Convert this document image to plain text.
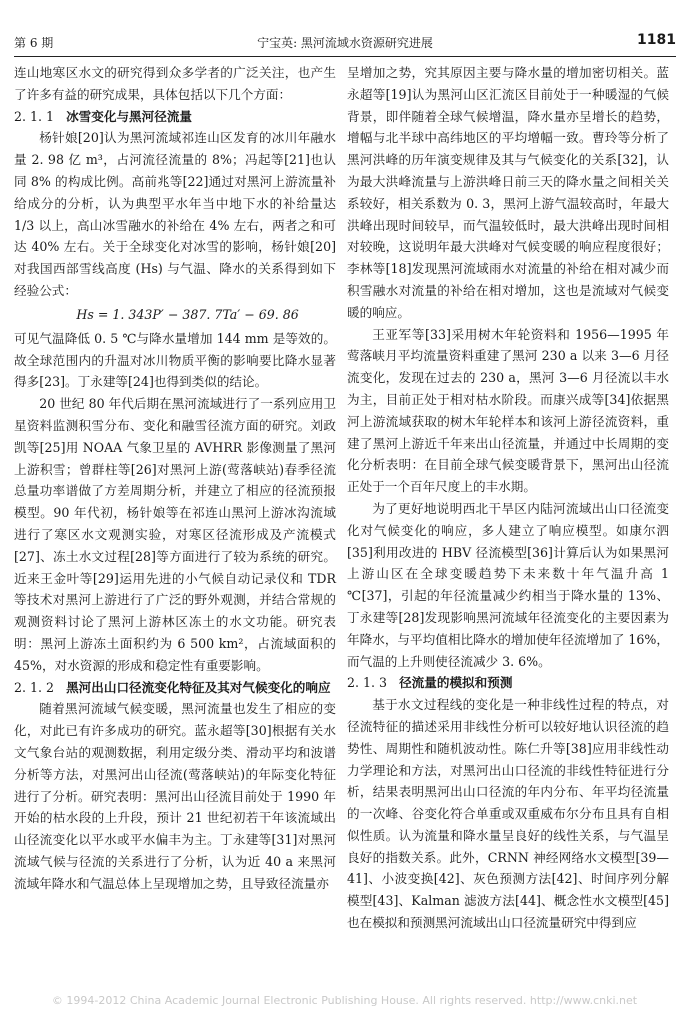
第 6 期	宁宝英: 黑河流域水资源研究进展	1181

连山地寒区水文的研究得到众多学者的广泛关注，也产生了许多有益的研究成果，具体包括以下几个方面：

2. 1. 1 冰雪变化与黑河径流量

杨针娘[20]认为黑河流域祁连山区发育的冰川年融水量 2. 98 亿 m³，占河流径流量的 8%；冯起等[21]也认同 8% 的构成比例。高前兆等[22]通过对黑河上游流量补给成分的分析，认为典型平水年当中地下水的补给量达 1/3 以上，高山冰雪融水的补给在 4% 左右，两者之和可达 40% 左右。关于全球变化对冰雪的影响，杨针娘[20]对我国西部雪线高度 (Hs) 与气温、降水的关系得到如下经验公式：

Hs = 1. 343P′ − 387. 7Ta′ − 69. 86

可见气温降低 0. 5 ℃与降水量增加 144 mm 是等效的。故全球范围内的升温对冰川物质平衡的影响要比降水显著得多[23]。丁永建等[24]也得到类似的结论。

20 世纪 80 年代后期在黑河流域进行了一系列应用卫星资料监测积雪分布、变化和融雪径流方面的研究。刘政凯等[25]用 NOAA 气象卫星的 AVHRR 影像测量了黑河上游积雪；曾群柱等[26]对黑河上游(莺落峡站)春季径流总量功率谱做了方差周期分析，并建立了相应的径流预报模型。90 年代初，杨针娘等在祁连山黑河上游冰沟流域进行了寒区水文观测实验，对寒区径流形成及产流模式[27]、冻土水文过程[28]等方面进行了较为系统的研究。近来王金叶等[29]运用先进的小气候自动记录仪和 TDR 等技术对黑河上游进行了广泛的野外观测，并结合常规的观测资料讨论了黑河上游林区冻土的水文功能。研究表明：黑河上游冻土面积约为 6 500 km²，占流域面积的 45%，对水资源的形成和稳定性有重要影响。

2. 1. 2 黑河出山口径流变化特征及其对气候变化的响应

随着黑河流域气候变暖，黑河流量也发生了相应的变化，对此已有许多成功的研究。蓝永超等[30]根据有关水文气象台站的观测数据，利用定级分类、滑动平均和波谱分析等方法，对黑河出山径流(莺落峡站)的年际变化特征进行了分析。研究表明：黑河出山径流目前处于 1990 年开始的枯水段的上升段，预计 21 世纪初若干年该流域出山径流变化以平水或平水偏丰为主。丁永建等[31]对黑河流域气候与径流的关系进行了分析，认为近 40 a 来黑河流域年降水和气温总体上呈现增加之势，且导致径流量亦

呈增加之势，究其原因主要与降水量的增加密切相关。蓝永超等[19]认为黑河山区汇流区目前处于一种暖湿的气候背景，即伴随着全球气候增温，降水量亦呈增长的趋势，增幅与北半球中高纬地区的平均增幅一致。曹玲等分析了黑河洪峰的历年演变规律及其与气候变化的关系[32]，认为最大洪峰流量与上游洪峰日前三天的降水量之间相关关系较好，相关系数为 0. 3，黑河上游气温较高时，年最大洪峰出现时间较早，而气温较低时，最大洪峰出现时间相对较晚，这说明年最大洪峰对气候变暖的响应程度很好；李林等[18]发现黑河流域雨水对流量的补给在相对减少而积雪融水对流量的补给在相对增加，这也是流域对气候变暖的响应。

王亚军等[33]采用树木年轮资料和 1956—1995 年莺落峡月平均流量资料重建了黑河 230 a 以来 3—6 月径流变化，发现在过去的 230 a，黑河 3—6 月径流以丰水为主，目前正处于相对枯水阶段。而康兴成等[34]依据黑河上游流域获取的树木年轮样本和该河上游径流资料，重建了黑河上游近千年来出山径流量，并通过中长周期的变化分析表明：在目前全球气候变暖背景下，黑河出山径流正处于一个百年尺度上的丰水期。

为了更好地说明西北干旱区内陆河流域出山口径流变化对气候变化的响应，多人建立了响应模型。如康尔泗[35]利用改进的 HBV 径流模型[36]计算后认为如果黑河上游山区在全球变暖趋势下未来数十年气温升高 1 ℃[37]，引起的年径流量减少约相当于降水量的 13%、丁永建等[28]发现影响黑河流域年径流变化的主要因素为年降水，与平均值相比降水的增加使年径流增加了 16%，而气温的上升则使径流减少 3. 6%。

2. 1. 3 径流量的模拟和预测

基于水文过程线的变化是一种非线性过程的特点，对径流特征的描述采用非线性分析可以较好地认识径流的趋势性、周期性和随机波动性。陈仁升等[38]应用非线性动力学理论和方法，对黑河出山口径流的非线性特征进行分析，结果表明黑河出山口径流的年内分布、年平均径流量的一次峰、谷变化符合单重或双重威布尔分布且具有自相似性质。认为流量和降水量呈良好的线性关系，与气温呈良好的指数关系。此外，CRNN 神经网络水文模型[39—41]、小波变换[42]、灰色预测方法[42]、时间序列分解模型[43]、Kalman 滤波方法[44]、概念性水文模型[45]也在模拟和预测黑河流域出山口径流量研究中得到应

© 1994-2012 China Academic Journal Electronic Publishing House. All rights reserved. http://www.cnki.net
